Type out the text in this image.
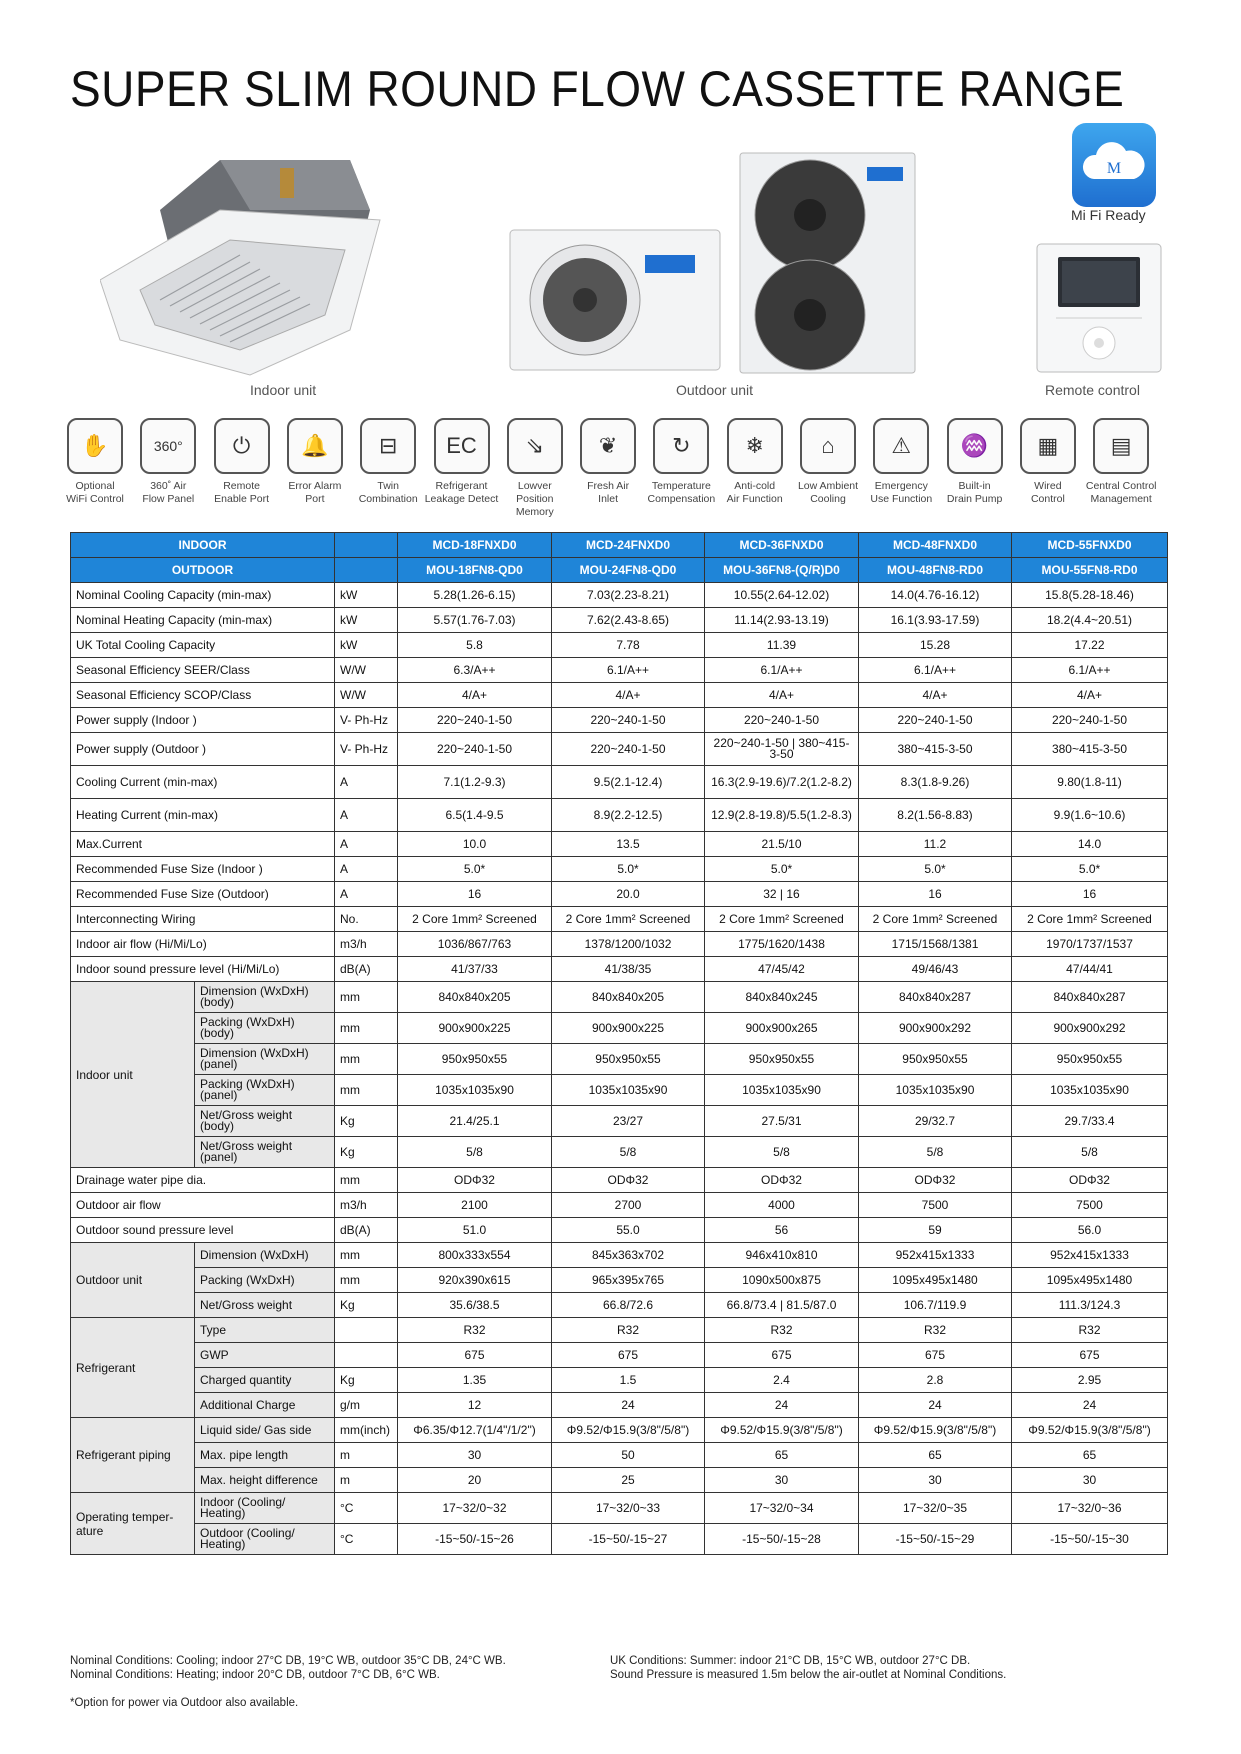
SUPER SLIM ROUND FLOW CASSETTE RANGE
Indoor unit	Outdoor unit
M
Mi Fi Ready
Remote control
✋
Optional
WiFi Control
360°
360˚ Air
Flow Panel
⏻
Remote
Enable Port
🔔
Error Alarm
Port
⊟
Twin
Combination
EC
Refrigerant
Leakage Detect
⇘
Lowver Position
Memory
❦
Fresh Air
Inlet
↻
Temperature
Compensation
❄
Anti-cold
Air Function
⌂
Low Ambient
Cooling
⚠
Emergency
Use Function
♒
Built-in
Drain Pump
▦
Wired
Control
▤
Central Control
Management
INDOOR			MCD-18FNXD0	MCD-24FNXD0	MCD-36FNXD0	MCD-48FNXD0	MCD-55FNXD0
OUTDOOR			MOU-18FN8-QD0	MOU-24FN8-QD0	MOU-36FN8-(Q/R)D0	MOU-48FN8-RD0	MOU-55FN8-RD0
Nominal Cooling Capacity (min-max)		kW	5.28(1.26-6.15)	7.03(2.23-8.21)	10.55(2.64-12.02)	14.0(4.76-16.12)	15.8(5.28-18.46)
Nominal Heating Capacity (min-max)		kW	5.57(1.76-7.03)	7.62(2.43-8.65)	11.14(2.93-13.19)	16.1(3.93-17.59)	18.2(4.4~20.51)
UK Total Cooling Capacity		kW	5.8	7.78	11.39	15.28	17.22
Seasonal Efficiency SEER/Class		W/W	6.3/A++	6.1/A++	6.1/A++	6.1/A++	6.1/A++
Seasonal Efficiency SCOP/Class		W/W	4/A+	4/A+	4/A+	4/A+	4/A+
Power supply (Indoor )		V- Ph-Hz	220~240-1-50	220~240-1-50	220~240-1-50	220~240-1-50	220~240-1-50
Power supply (Outdoor )		V- Ph-Hz	220~240-1-50	220~240-1-50	220~240-1-50 | 380~415-3-50	380~415-3-50	380~415-3-50
Cooling Current (min-max)		A	7.1(1.2-9.3)	9.5(2.1-12.4)	16.3(2.9-19.6)/7.2(1.2-8.2)	8.3(1.8-9.26)	9.80(1.8-11)
Heating Current (min-max)		A	6.5(1.4-9.5	8.9(2.2-12.5)	12.9(2.8-19.8)/5.5(1.2-8.3)	8.2(1.56-8.83)	9.9(1.6~10.6)
Max.Current		A	10.0	13.5	21.5/10	11.2	14.0
Recommended Fuse Size (Indoor )		A	5.0*	5.0*	5.0*	5.0*	5.0*
Recommended Fuse Size (Outdoor)		A	16	20.0	32 | 16	16	16
Interconnecting Wiring		No.	2 Core 1mm² Screened	2 Core 1mm² Screened	2 Core 1mm² Screened	2 Core 1mm² Screened	2 Core 1mm² Screened
Indoor air flow (Hi/Mi/Lo)		m3/h	1036/867/763	1378/1200/1032	1775/1620/1438	1715/1568/1381	1970/1737/1537
Indoor sound pressure level (Hi/Mi/Lo)		dB(A)	41/37/33	41/38/35	47/45/42	49/46/43	47/44/41
Indoor unit	Dimension (WxDxH) (body)	mm	840x840x205	840x840x205	840x840x245	840x840x287	840x840x287
	Packing (WxDxH) (body)	mm	900x900x225	900x900x225	900x900x265	900x900x292	900x900x292
	Dimension (WxDxH) (panel)	mm	950x950x55	950x950x55	950x950x55	950x950x55	950x950x55
	Packing (WxDxH) (panel)	mm	1035x1035x90	1035x1035x90	1035x1035x90	1035x1035x90	1035x1035x90
	Net/Gross weight (body)	Kg	21.4/25.1	23/27	27.5/31	29/32.7	29.7/33.4
	Net/Gross weight (panel)	Kg	5/8	5/8	5/8	5/8	5/8
Drainage water pipe dia.		mm	ODΦ32	ODΦ32	ODΦ32	ODΦ32	ODΦ32
Outdoor air flow		m3/h	2100	2700	4000	7500	7500
Outdoor sound pressure level		dB(A)	51.0	55.0	56	59	56.0
Outdoor unit	Dimension (WxDxH)	mm	800x333x554	845x363x702	946x410x810	952x415x1333	952x415x1333
	Packing (WxDxH)	mm	920x390x615	965x395x765	1090x500x875	1095x495x1480	1095x495x1480
	Net/Gross weight	Kg	35.6/38.5	66.8/72.6	66.8/73.4 | 81.5/87.0	106.7/119.9	111.3/124.3
Refrigerant	Type		R32	R32	R32	R32	R32
	GWP		675	675	675	675	675
	Charged quantity	Kg	1.35	1.5	2.4	2.8	2.95
	Additional Charge	g/m	12	24	24	24	24
Refrigerant piping	Liquid side/ Gas side	mm(inch)	Φ6.35/Φ12.7(1/4"/1/2")	Φ9.52/Φ15.9(3/8"/5/8")	Φ9.52/Φ15.9(3/8"/5/8")	Φ9.52/Φ15.9(3/8"/5/8")	Φ9.52/Φ15.9(3/8"/5/8")
	Max. pipe length	m	30	50	65	65	65
	Max. height difference	m	20	25	30	30	30
Operating temper-ature	Indoor (Cooling/ Heating)	°C	17~32/0~32	17~32/0~33	17~32/0~34	17~32/0~35	17~32/0~36
	Outdoor (Cooling/ Heating)	°C	-15~50/-15~26	-15~50/-15~27	-15~50/-15~28	-15~50/-15~29	-15~50/-15~30
Nominal Conditions: Cooling; indoor 27°C DB, 19°C WB, outdoor 35°C DB, 24°C WB.
Nominal Conditions: Heating; indoor 20°C DB, outdoor 7°C DB, 6°C WB.
*Option for power via Outdoor also available.
UK Conditions: Summer: indoor 21°C DB, 15°C WB, outdoor 27°C DB.
Sound Pressure is measured 1.5m below the air-outlet at Nominal Conditions.
